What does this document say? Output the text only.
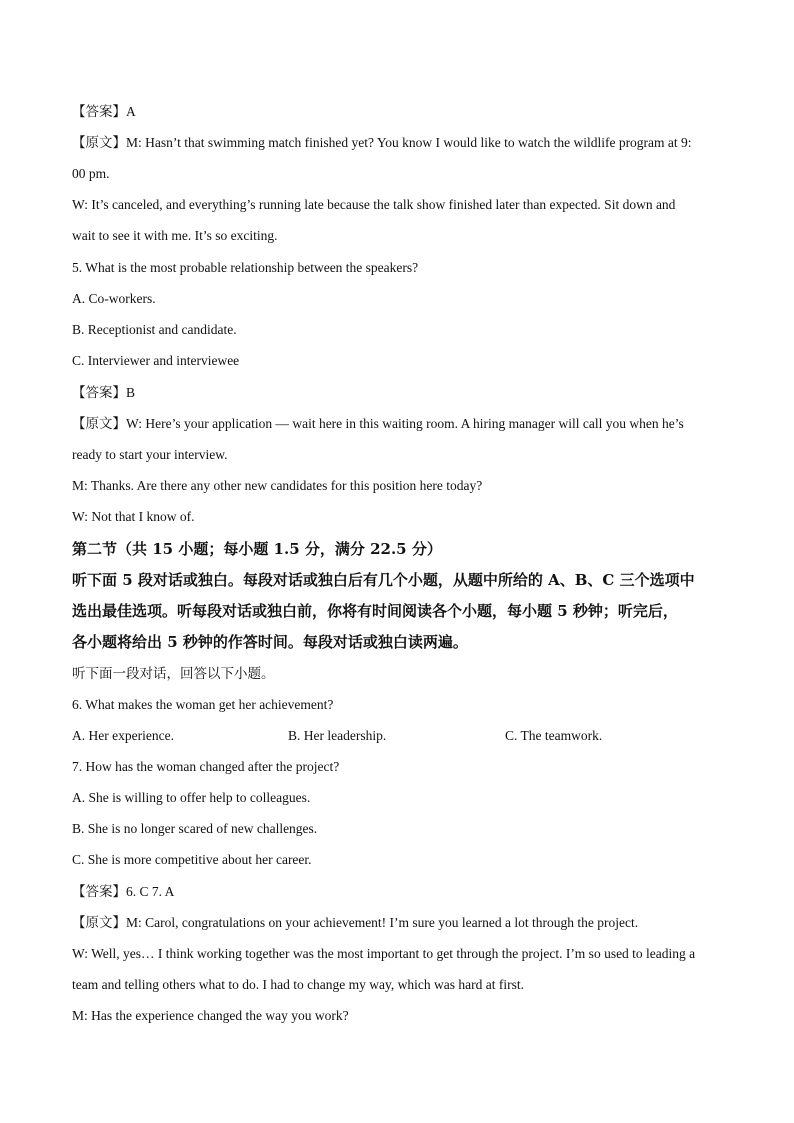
【答案】A
【原文】M: Hasn’t that swimming match finished yet? You know I would like to watch the wildlife program at 9:
00 pm.
W: It’s canceled, and everything’s running late because the talk show finished later than expected. Sit down and
wait to see it with me. It’s so exciting.
5. What is the most probable relationship between the speakers?
A. Co-workers.
B. Receptionist and candidate.
C. Interviewer and interviewee
【答案】B
【原文】W: Here’s your application — wait here in this waiting room. A hiring manager will call you when he’s
ready to start your interview.
M: Thanks. Are there any other new candidates for this position here today?
W: Not that I know of.
第二节（共 15 小题；每小题 1.5 分，满分 22.5 分）
听下面 5 段对话或独白。每段对话或独白后有几个小题，从题中所给的 A、B、C 三个选项中
选出最佳选项。听每段对话或独白前，你将有时间阅读各个小题，每小题 5 秒钟；听完后，
各小题将给出 5 秒钟的作答时间。每段对话或独白读两遍。
听下面一段对话，回答以下小题。
6. What makes the woman get her achievement?
A. Her experience.	B. Her leadership.	C. The teamwork.
7. How has the woman changed after the project?
A. She is willing to offer help to colleagues.
B. She is no longer scared of new challenges.
C. She is more competitive about her career.
【答案】6. C 7. A
【原文】M: Carol, congratulations on your achievement! I’m sure you learned a lot through the project.
W: Well, yes… I think working together was the most important to get through the project. I’m so used to leading a
team and telling others what to do. I had to change my way, which was hard at first.
M: Has the experience changed the way you work?
